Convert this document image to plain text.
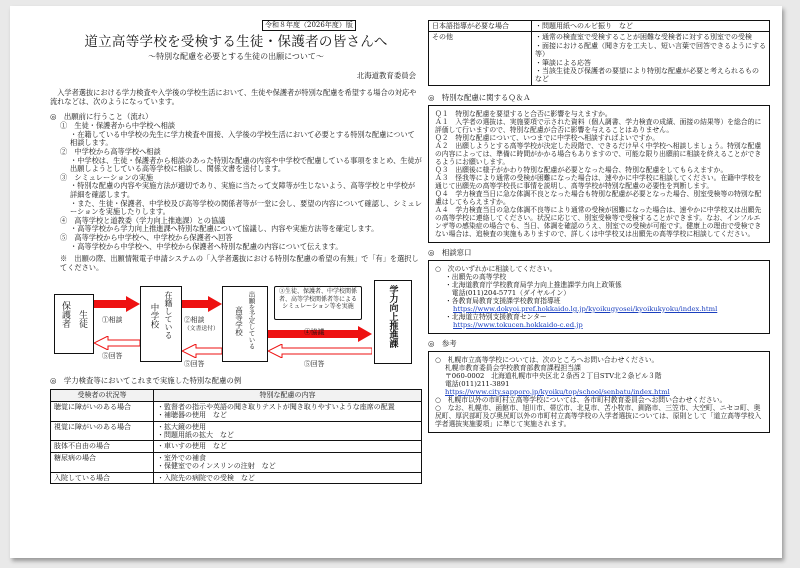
令和８年度（2026年度）版
道立高等学校を受検する生徒・保護者の皆さんへ
～特別な配慮を必要とする生徒の出願について～
北海道教育委員会
入学者選抜における学力検査や入学後の学校生活において、生徒や保護者が特別な配慮を希望する場合の対応や流れなどは、次のようになっています。
◎　出願前に行うこと（流れ）

①　生徒・保護者から中学校へ相談

・在籍している中学校の先生に学力検査や面接、入学後の学校生活において必要とする特別な配慮について相談します。

②　中学校から高等学校へ相談

・中学校は、生徒・保護者から相談のあった特別な配慮の内容や中学校で配慮している事項をまとめ、生徒が出願しようとしている高等学校に相談し、関係文書を送付します。

③　シミュレーションの実施

・特別な配慮の内容や実施方法が適切であり、実施に当たって支障等が生じないよう、高等学校と中学校が詳細を確認します。

・また、生徒・保護者、中学校及び高等学校の関係者等が一堂に会し、要望の内容について確認し、シミュレーションを実施したりします。

④　高等学校と道教委（学力向上推進課）との協議

・高等学校から学力向上推進課へ特別な配慮について協議し、内容や実施方法等を確定します。

⑤　高等学校から中学校へ、中学校から保護者へ回答

・高等学校から中学校へ、中学校から保護者へ特別な配慮の内容について伝えます。

※　出願の際、出願情報電子申請システムの「入学者選抜における特別な配慮の希望の有無」で「有」を選択してください。
保護者 生徒	中学校 在籍している	高等学校 出願を予定している	③生徒、保護者、中学校関係者、高等学校関係者等による シミュレーション等を実施	学力向上推進課
①相談	②相談
（文書送付）	④協議
⑤回答
⑤回答
⑤回答
◎　学力検査等においてこれまで実施した特別な配慮の例
受検者の状況等	特別な配慮の内容
聴覚に障がいのある場合	・監督者の指示や英語の聞き取りテストが聞き取りやすいような座席の配置
・補聴器の使用　など

視覚に障がいのある場合	・拡大鏡の使用
・問題用紙の拡大　など

肢体不自由の場合	・車いすの使用　など

糖尿病の場合	・室外での補食
・保健室でのインスリンの注射　など

入院している場合	・入院先の病院での受検　など
日本語指導が必要な場合	・問題用紙へのルビ振り　など
その他	・通常の検査室で受検することが困難な受検者に対する別室での受検
・面接における配慮（聞き方を工夫し、短い言葉で回答できるようにする等）
・筆談による応答
・当該生徒及び保護者の要望により特別な配慮が必要と考えられるもの　など
◎　特別な配慮に関するＱ＆Ａ

Ｑ１　特別な配慮を要望すると合否に影響を与えますか。

Ａ１　入学者の選抜は、実施要項で示された資料（個人調書、学力検査の成績、面接の結果等）を総合的に評価して行いますので、特別な配慮が合否に影響を与えることはありません。

Ｑ２　特別な配慮について、いつまでに中学校へ相談すればよいですか。

Ａ２　出願しようとする高等学校が決定した段階で、できるだけ早く中学校へ相談しましょう。特別な配慮の内容によっては、準備に時間がかかる場合もありますので、可能な限り出願前に相談を終えることができるようにお願いします。

Ｑ３　出願後に様子がかわり特別な配慮が必要となった場合、特別な配慮をしてもらえますか。

Ａ３　怪我等により通常の受検が困難になった場合は、速やかに中学校に相談してください。在籍中学校を通じて出願先の高等学校長に事情を説明し、高等学校が特別な配慮の必要性を判断します。

Ｑ４　学力検査当日に急な体調不良となった場合も特別な配慮が必要となった場合、別室受検等の特別な配慮はしてもらえますか。

Ａ４　学力検査当日の急な体調不良等により通常の受検が困難になった場合は、速やかに中学校又は出願先の高等学校に連絡してください。状況に応じて、別室受検等で受検することができます。なお、インフルエンザ等の感染症の場合でも、当日、体調を確認のうえ、別室での受検が可能です。健康上の理由で受検できない場合は、追検査の実施もありますので、詳しくは中学校又は出願先の高等学校に相談してください。

◎　相談窓口
○　次のいずれかに相談してください。
・出願先の高等学校
・北海道教育庁学校教育局学力向上推進課学力向上政策係
　電話(011)204-5771（ダイヤルイン）
・各教育局教育支援課学校教育指導班
https://www.dokyoi.pref.hokkaido.lg.jp/kyoikugyosei/kyoikukyoku/index.html
・北海道立特別支援教育センター
https://www.tokucen.hokkaido-c.ed.jp
◎　参考
○　札幌市立高等学校については、次のところへお問い合わせください。
札幌市教育委員会学校教育部教育課程担当課
〒060-0002　北海道札幌市中央区北２条西２丁目STV北２条ビル３階
電話(011)211-3891
https://www.city.sapporo.jp/kyoiku/top/school/senbatu/index.html
○　札幌市以外の市町村立高等学校については、各市町村教育委員会へお問い合わせください。
○　なお、札幌市、函館市、旭川市、帯広市、北見市、苫小牧市、釧路市、三笠市、大空町、ニセコ町、奥尻町、厚沢部町及び奥尻町以外の市町村立高等学校の入学者選抜については、原則として「道立高等学校入学者選抜実施要項」に準じて実施されます。
